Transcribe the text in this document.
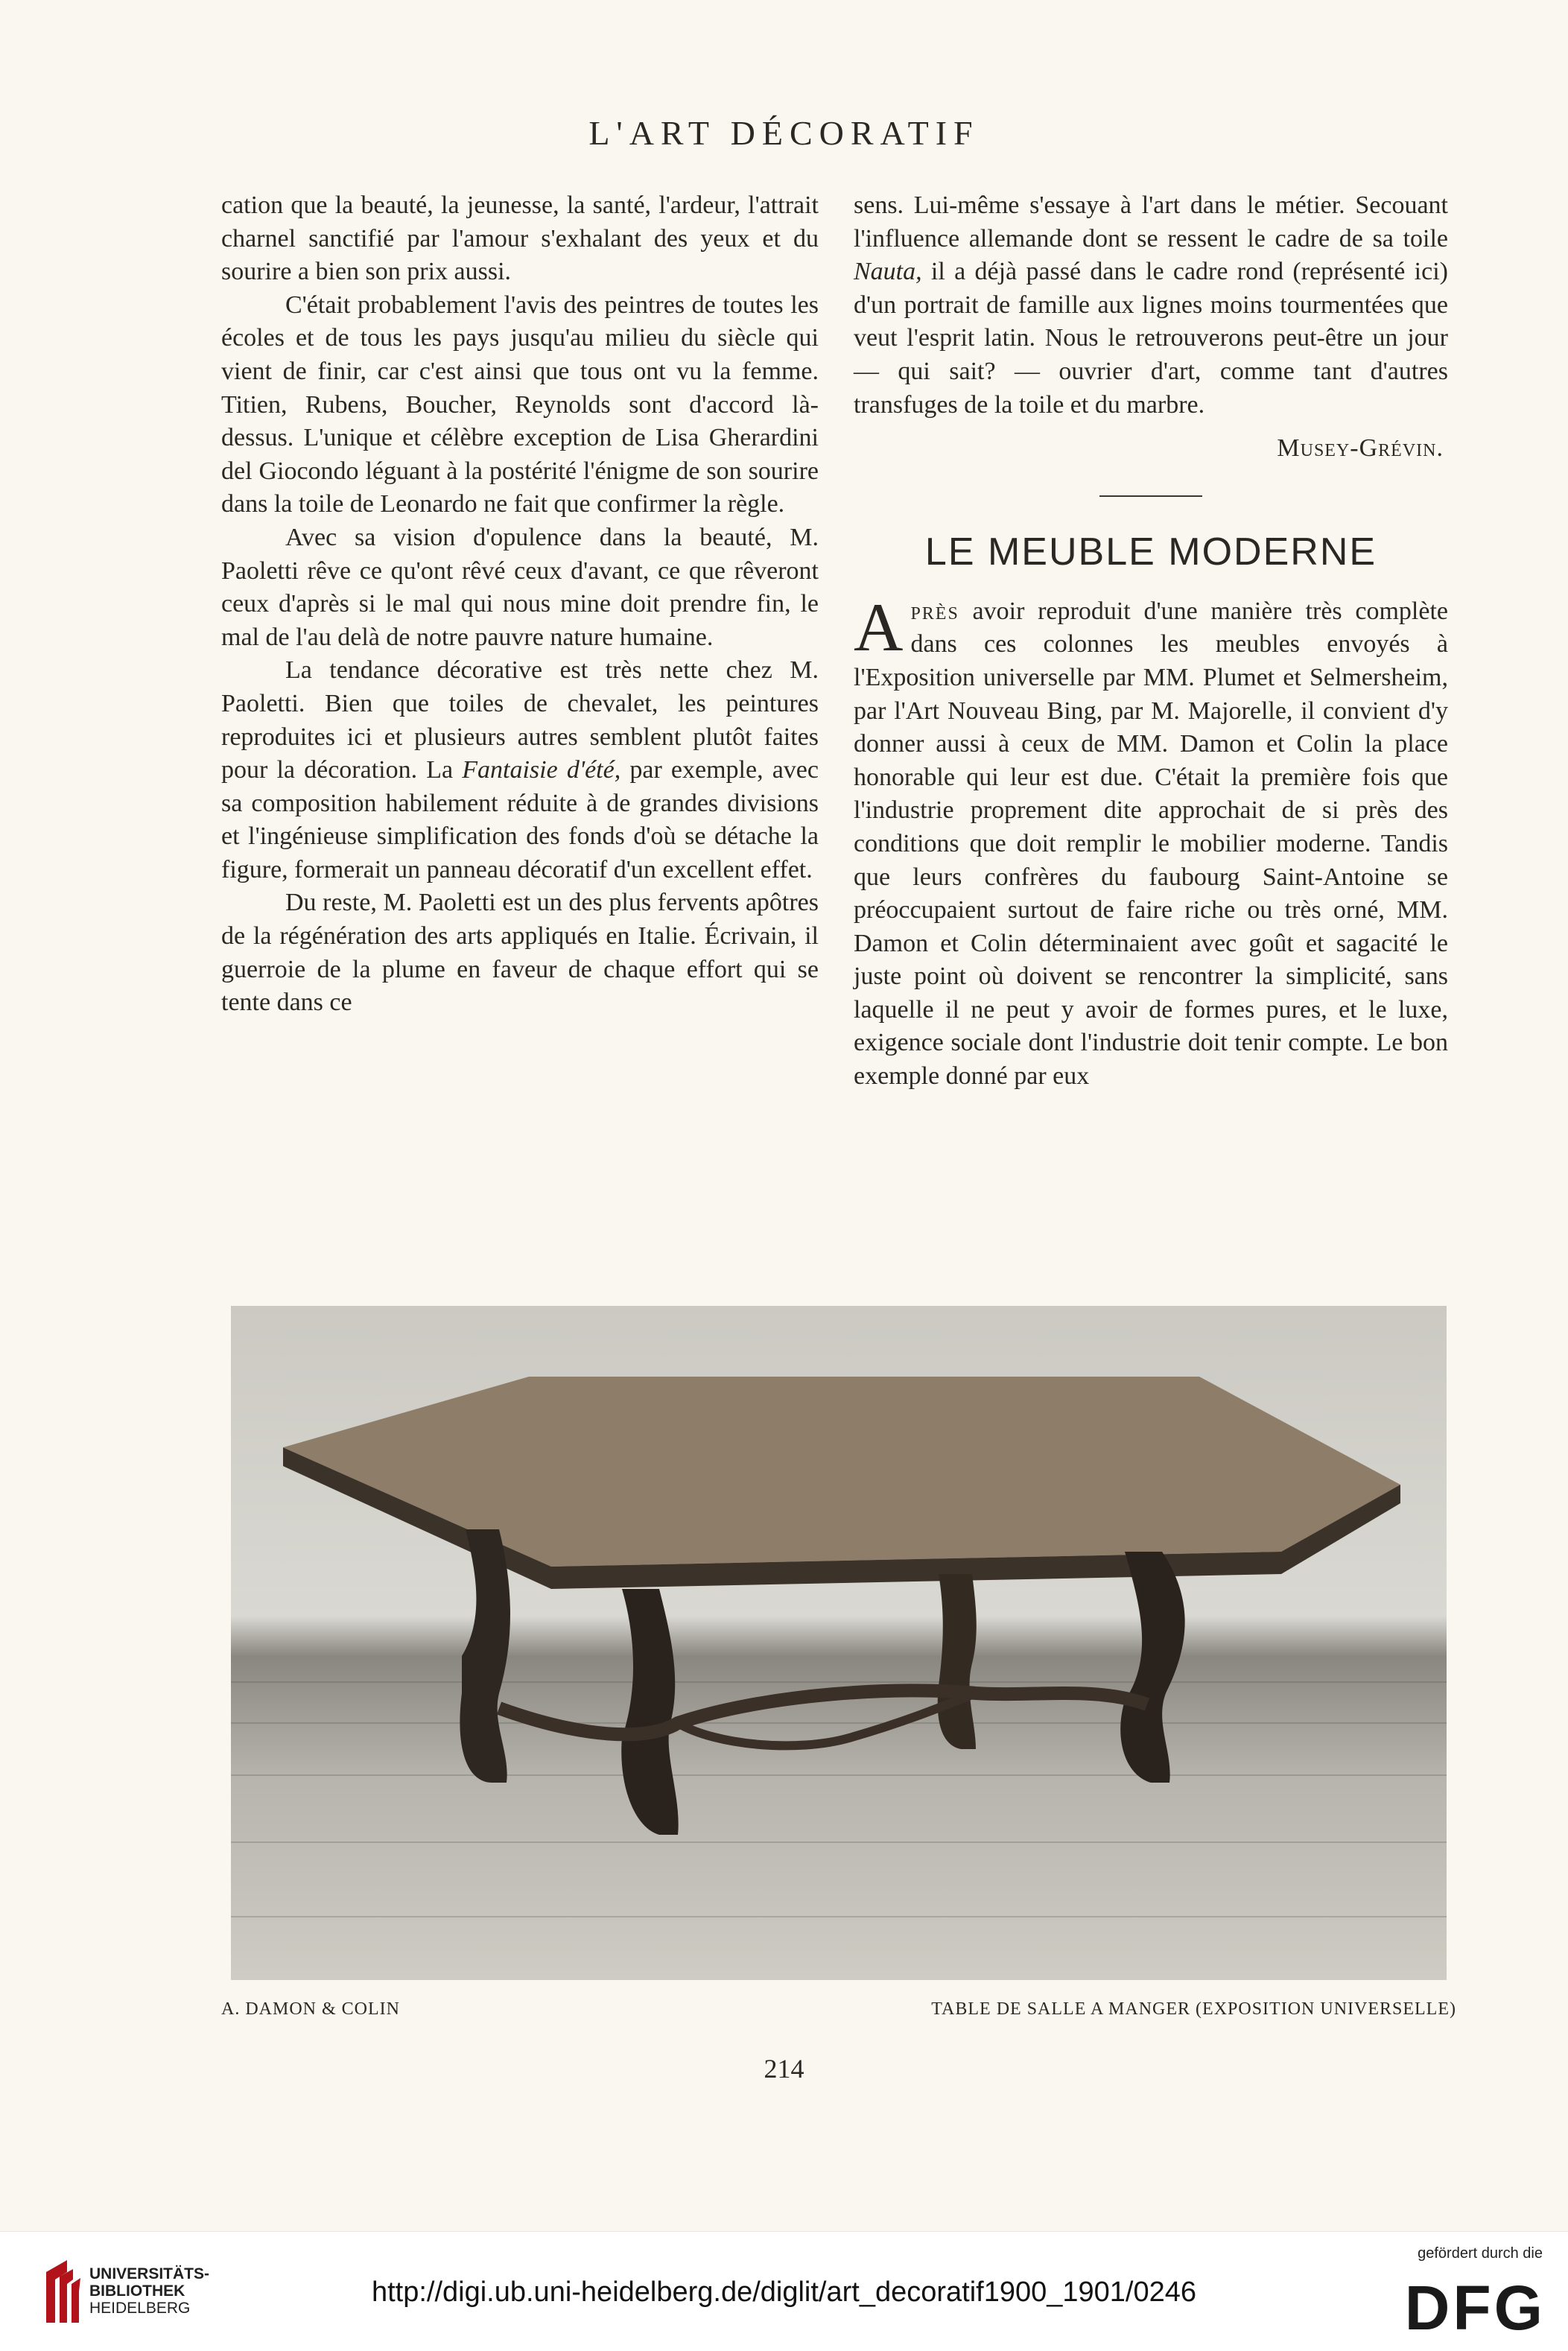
L'ART DÉCORATIF

cation que la beauté, la jeunesse, la santé, l'ardeur, l'attrait charnel sanctifié par l'amour s'exhalant des yeux et du sourire a bien son prix aussi.

C'était probablement l'avis des peintres de toutes les écoles et de tous les pays jusqu'au milieu du siècle qui vient de finir, car c'est ainsi que tous ont vu la femme. Titien, Rubens, Boucher, Reynolds sont d'accord là-dessus. L'unique et célèbre exception de Lisa Gherardini del Giocondo léguant à la postérité l'énigme de son sourire dans la toile de Leonardo ne fait que confirmer la règle.

Avec sa vision d'opulence dans la beauté, M. Paoletti rêve ce qu'ont rêvé ceux d'avant, ce que rêveront ceux d'après si le mal qui nous mine doit prendre fin, le mal de l'au delà de notre pauvre nature humaine.

La tendance décorative est très nette chez M. Paoletti. Bien que toiles de chevalet, les peintures reproduites ici et plusieurs autres semblent plutôt faites pour la décoration. La Fantaisie d'été, par exemple, avec sa composition habilement réduite à de grandes divisions et l'ingénieuse simplification des fonds d'où se détache la figure, formerait un panneau décoratif d'un excellent effet.

Du reste, M. Paoletti est un des plus fervents apôtres de la régénération des arts appliqués en Italie. Écrivain, il guerroie de la plume en faveur de chaque effort qui se tente dans ce

sens. Lui-même s'essaye à l'art dans le métier. Secouant l'influence allemande dont se ressent le cadre de sa toile Nauta, il a déjà passé dans le cadre rond (représenté ici) d'un portrait de famille aux lignes moins tourmentées que veut l'esprit latin. Nous le retrouverons peut-être un jour — qui sait? — ouvrier d'art, comme tant d'autres transfuges de la toile et du marbre.

Musey-Grévin.

LE MEUBLE MODERNE

Après avoir reproduit d'une manière très complète dans ces colonnes les meubles envoyés à l'Exposition universelle par MM. Plumet et Selmersheim, par l'Art Nouveau Bing, par M. Majorelle, il convient d'y donner aussi à ceux de MM. Damon et Colin la place honorable qui leur est due. C'était la première fois que l'industrie proprement dite approchait de si près des conditions que doit remplir le mobilier moderne. Tandis que leurs confrères du faubourg Saint-Antoine se préoccupaient surtout de faire riche ou très orné, MM. Damon et Colin déterminaient avec goût et sagacité le juste point où doivent se rencontrer la simplicité, sans laquelle il ne peut y avoir de formes pures, et le luxe, exigence sociale dont l'industrie doit tenir compte. Le bon exemple donné par eux

A. DAMON & COLIN	TABLE DE SALLE A MANGER (EXPOSITION UNIVERSELLE)
214
UNIVERSITÄTS-
BIBLIOTHEK
HEIDELBERG
http://digi.ub.uni-heidelberg.de/diglit/art_decoratif1900_1901/0246
gefördert durch die
DFG
